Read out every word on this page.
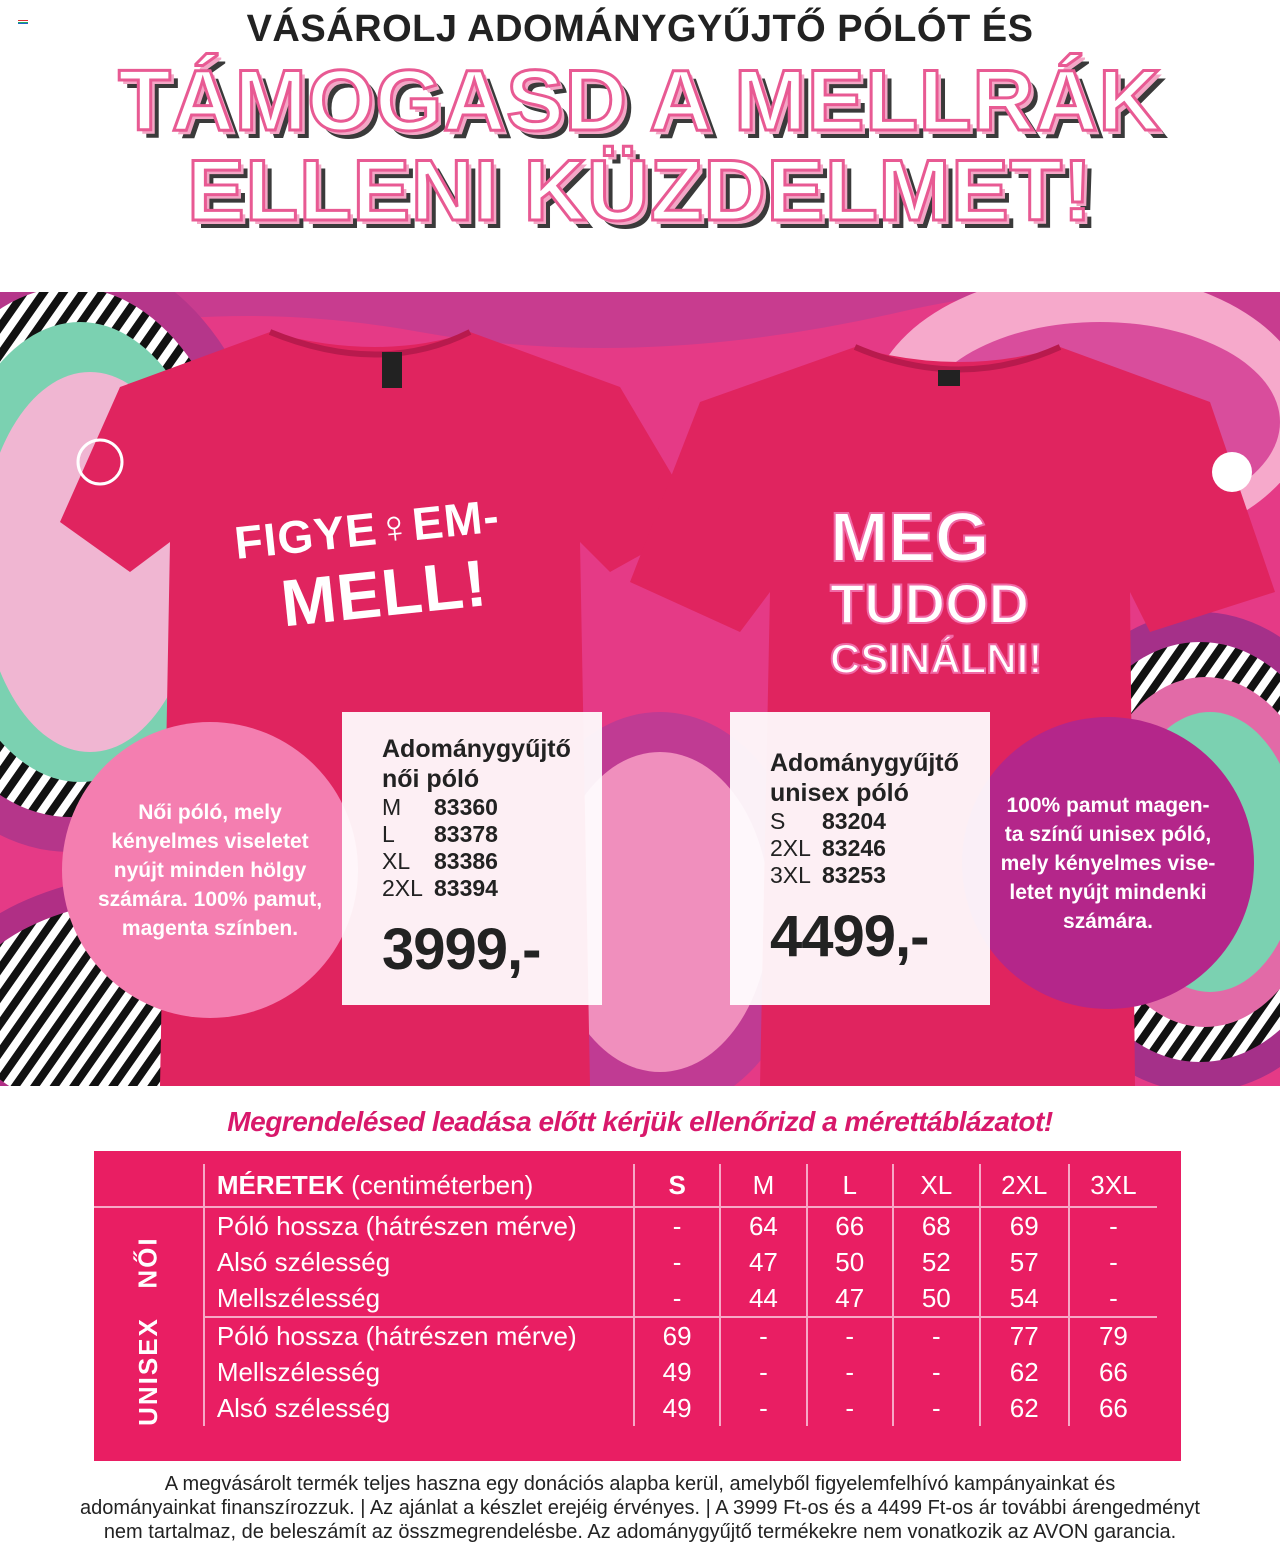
VÁSÁROLJ ADOMÁNYGYŰJTŐ PÓLÓT ÉS
TÁMOGASD A MELLRÁK
ELLENI KÜZDELMET!
FIGYE♀EM-
MELL!
MEG
TUDOD
CSINÁLNI!
Női póló, mely kényelmes viseletet nyújt minden hölgy számára. 100% pamut, magenta színben.
100% pamut magen-ta színű unisex póló, mely kényelmes vise-letet nyújt mindenki számára.
Adománygyűjtő
női póló
M 83360
L 83378
XL 83386
2XL 83394
3999,-
Adománygyűjtő
unisex póló
S 83204
2XL 83246
3XL 83253
4499,-
Megrendelésed leadása előtt kérjük ellenőrizd a mérettáblázatot!
	MÉRETEK (centiméterben)	S	M	L	XL	2XL	3XL
NŐI	Póló hossza (hátrészen mérve)	-	64	66	68	69	-
	Alsó szélesség	-	47	50	52	57	-
	Mellszélesség	-	44	47	50	54	-
UNISEX	Póló hossza (hátrészen mérve)	69	-	-	-	77	79
	Mellszélesség	49	-	-	-	62	66
	Alsó szélesség	49	-	-	-	62	66
A megvásárolt termék teljes haszna egy donációs alapba kerül, amelyből figyelemfelhívó kampányainkat és
adományainkat finanszírozzuk. | Az ajánlat a készlet erejéig érvényes. | A 3999 Ft-os és a 4499 Ft-os ár további árengedményt
nem tartalmaz, de beleszámít az összmegrendelésbe. Az adománygyűjtő termékekre nem vonatkozik az AVON garancia.
